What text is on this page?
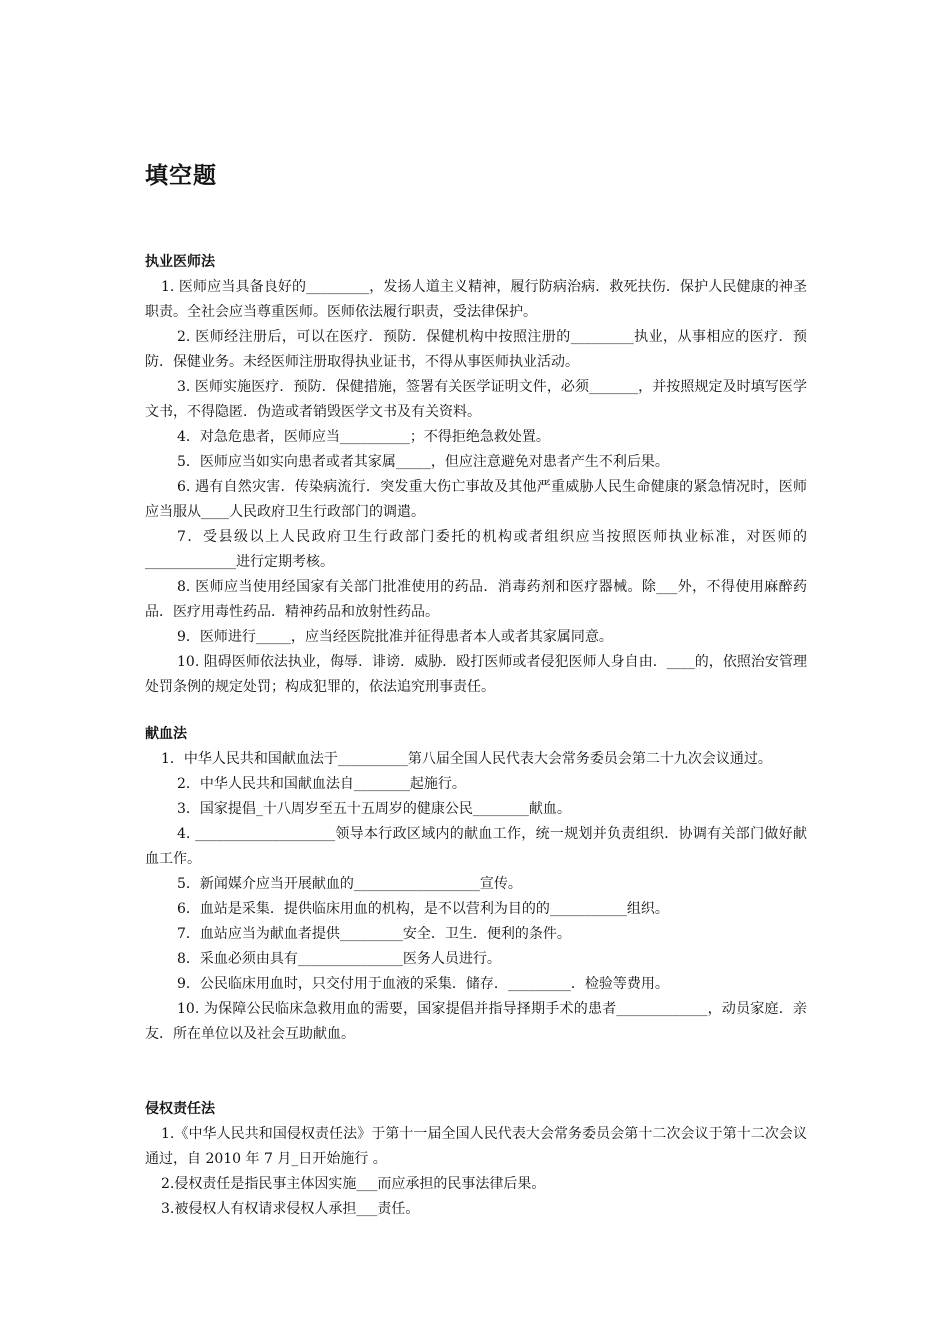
填空题

执业医师法

1. 医师应当具备良好的_________，发扬人道主义精神，履行防病治病．救死扶伤．保护人民健康的神圣职责。全社会应当尊重医师。医师依法履行职责，受法律保护。

2. 医师经注册后，可以在医疗．预防．保健机构中按照注册的_________执业，从事相应的医疗．预防．保健业务。未经医师注册取得执业证书，不得从事医师执业活动。

3. 医师实施医疗．预防．保健措施，签署有关医学证明文件，必须_______，并按照规定及时填写医学文书，不得隐匿．伪造或者销毁医学文书及有关资料。

4．对急危患者，医师应当__________；不得拒绝急救处置。

5．医师应当如实向患者或者其家属_____，但应注意避免对患者产生不利后果。

6. 遇有自然灾害．传染病流行．突发重大伤亡事故及其他严重威胁人民生命健康的紧急情况时，医师应当服从____人民政府卫生行政部门的调遣。

7．受县级以上人民政府卫生行政部门委托的机构或者组织应当按照医师执业标准，对医师的_____________进行定期考核。

8. 医师应当使用经国家有关部门批准使用的药品．消毒药剂和医疗器械。除___外，不得使用麻醉药品．医疗用毒性药品．精神药品和放射性药品。

9．医师进行_____，应当经医院批准并征得患者本人或者其家属同意。

10. 阻碍医师依法执业，侮辱．诽谤．威胁．殴打医师或者侵犯医师人身自由．____的，依照治安管理处罚条例的规定处罚；构成犯罪的，依法追究刑事责任。

献血法

1．中华人民共和国献血法于__________第八届全国人民代表大会常务委员会第二十九次会议通过。

2．中华人民共和国献血法自________起施行。

3．国家提倡_十八周岁至五十五周岁的健康公民________献血。

4. ____________________领导本行政区域内的献血工作，统一规划并负责组织．协调有关部门做好献血工作。

5．新闻媒介应当开展献血的__________________宣传。

6．血站是采集．提供临床用血的机构，是不以营利为目的的___________组织。

7．血站应当为献血者提供_________安全．卫生．便利的条件。

8．采血必须由具有_______________医务人员进行。

9．公民临床用血时，只交付用于血液的采集．储存．_________．检验等费用。

10. 为保障公民临床急救用血的需要，国家提倡并指导择期手术的患者_____________，动员家庭．亲友．所在单位以及社会互助献血。

侵权责任法

1.《中华人民共和国侵权责任法》于第十一届全国人民代表大会常务委员会第十二次会议于第十二次会议通过，自 2010 年 7 月_日开始施行 。

2.侵权责任是指民事主体因实施___而应承担的民事法律后果。

3.被侵权人有权请求侵权人承担___责任。
